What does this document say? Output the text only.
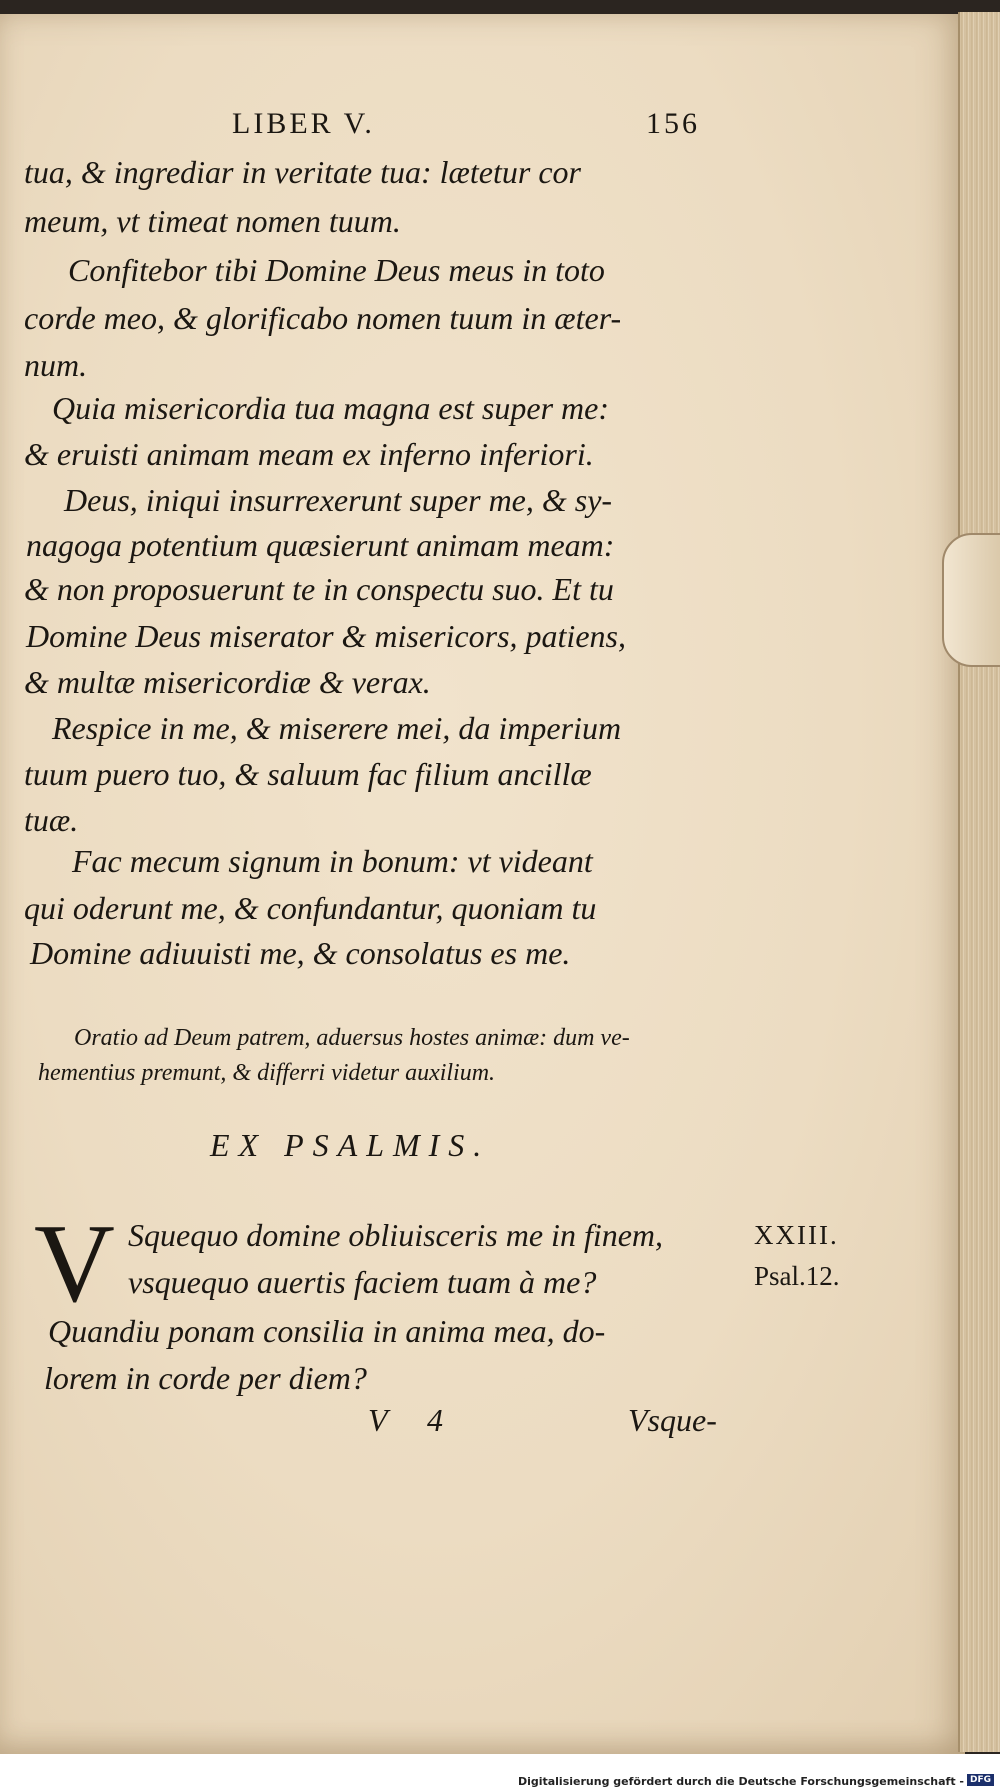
LIBER V.	156
tua, & ingrediar in veritate tua: lætetur cor
meum, vt timeat nomen tuum.
Confitebor tibi Domine Deus meus in toto
corde meo, & glorificabo nomen tuum in æter-
num.
Quia misericordia tua magna est super me:
& eruisti animam meam ex inferno inferiori.
Deus, iniqui insurrexerunt super me, & sy-
nagoga potentium quæsierunt animam meam:
& non proposuerunt te in conspectu suo. Et tu
Domine Deus miserator & misericors, patiens,
& multæ misericordiæ & verax.
Respice in me, & miserere mei, da imperium
tuum puero tuo, & saluum fac filium ancillæ
tuæ.
Fac mecum signum in bonum: vt videant
qui oderunt me, & confundantur, quoniam tu
Domine adiuuisti me, & consolatus es me.
Oratio ad Deum patrem, aduersus hostes animæ: dum ve-
hementius premunt, & differri videtur auxilium.
EX PSALMIS.
V Squequo domine obliuisceris me in finem,
vsquequo auertis faciem tuam à me?
Quandiu ponam consilia in anima mea, do-
lorem in corde per diem?
XXIII.
Psal.12.
V 4	Vsque-
Digitalisierung gefördert durch die Deutsche Forschungsgemeinschaft - DFG
